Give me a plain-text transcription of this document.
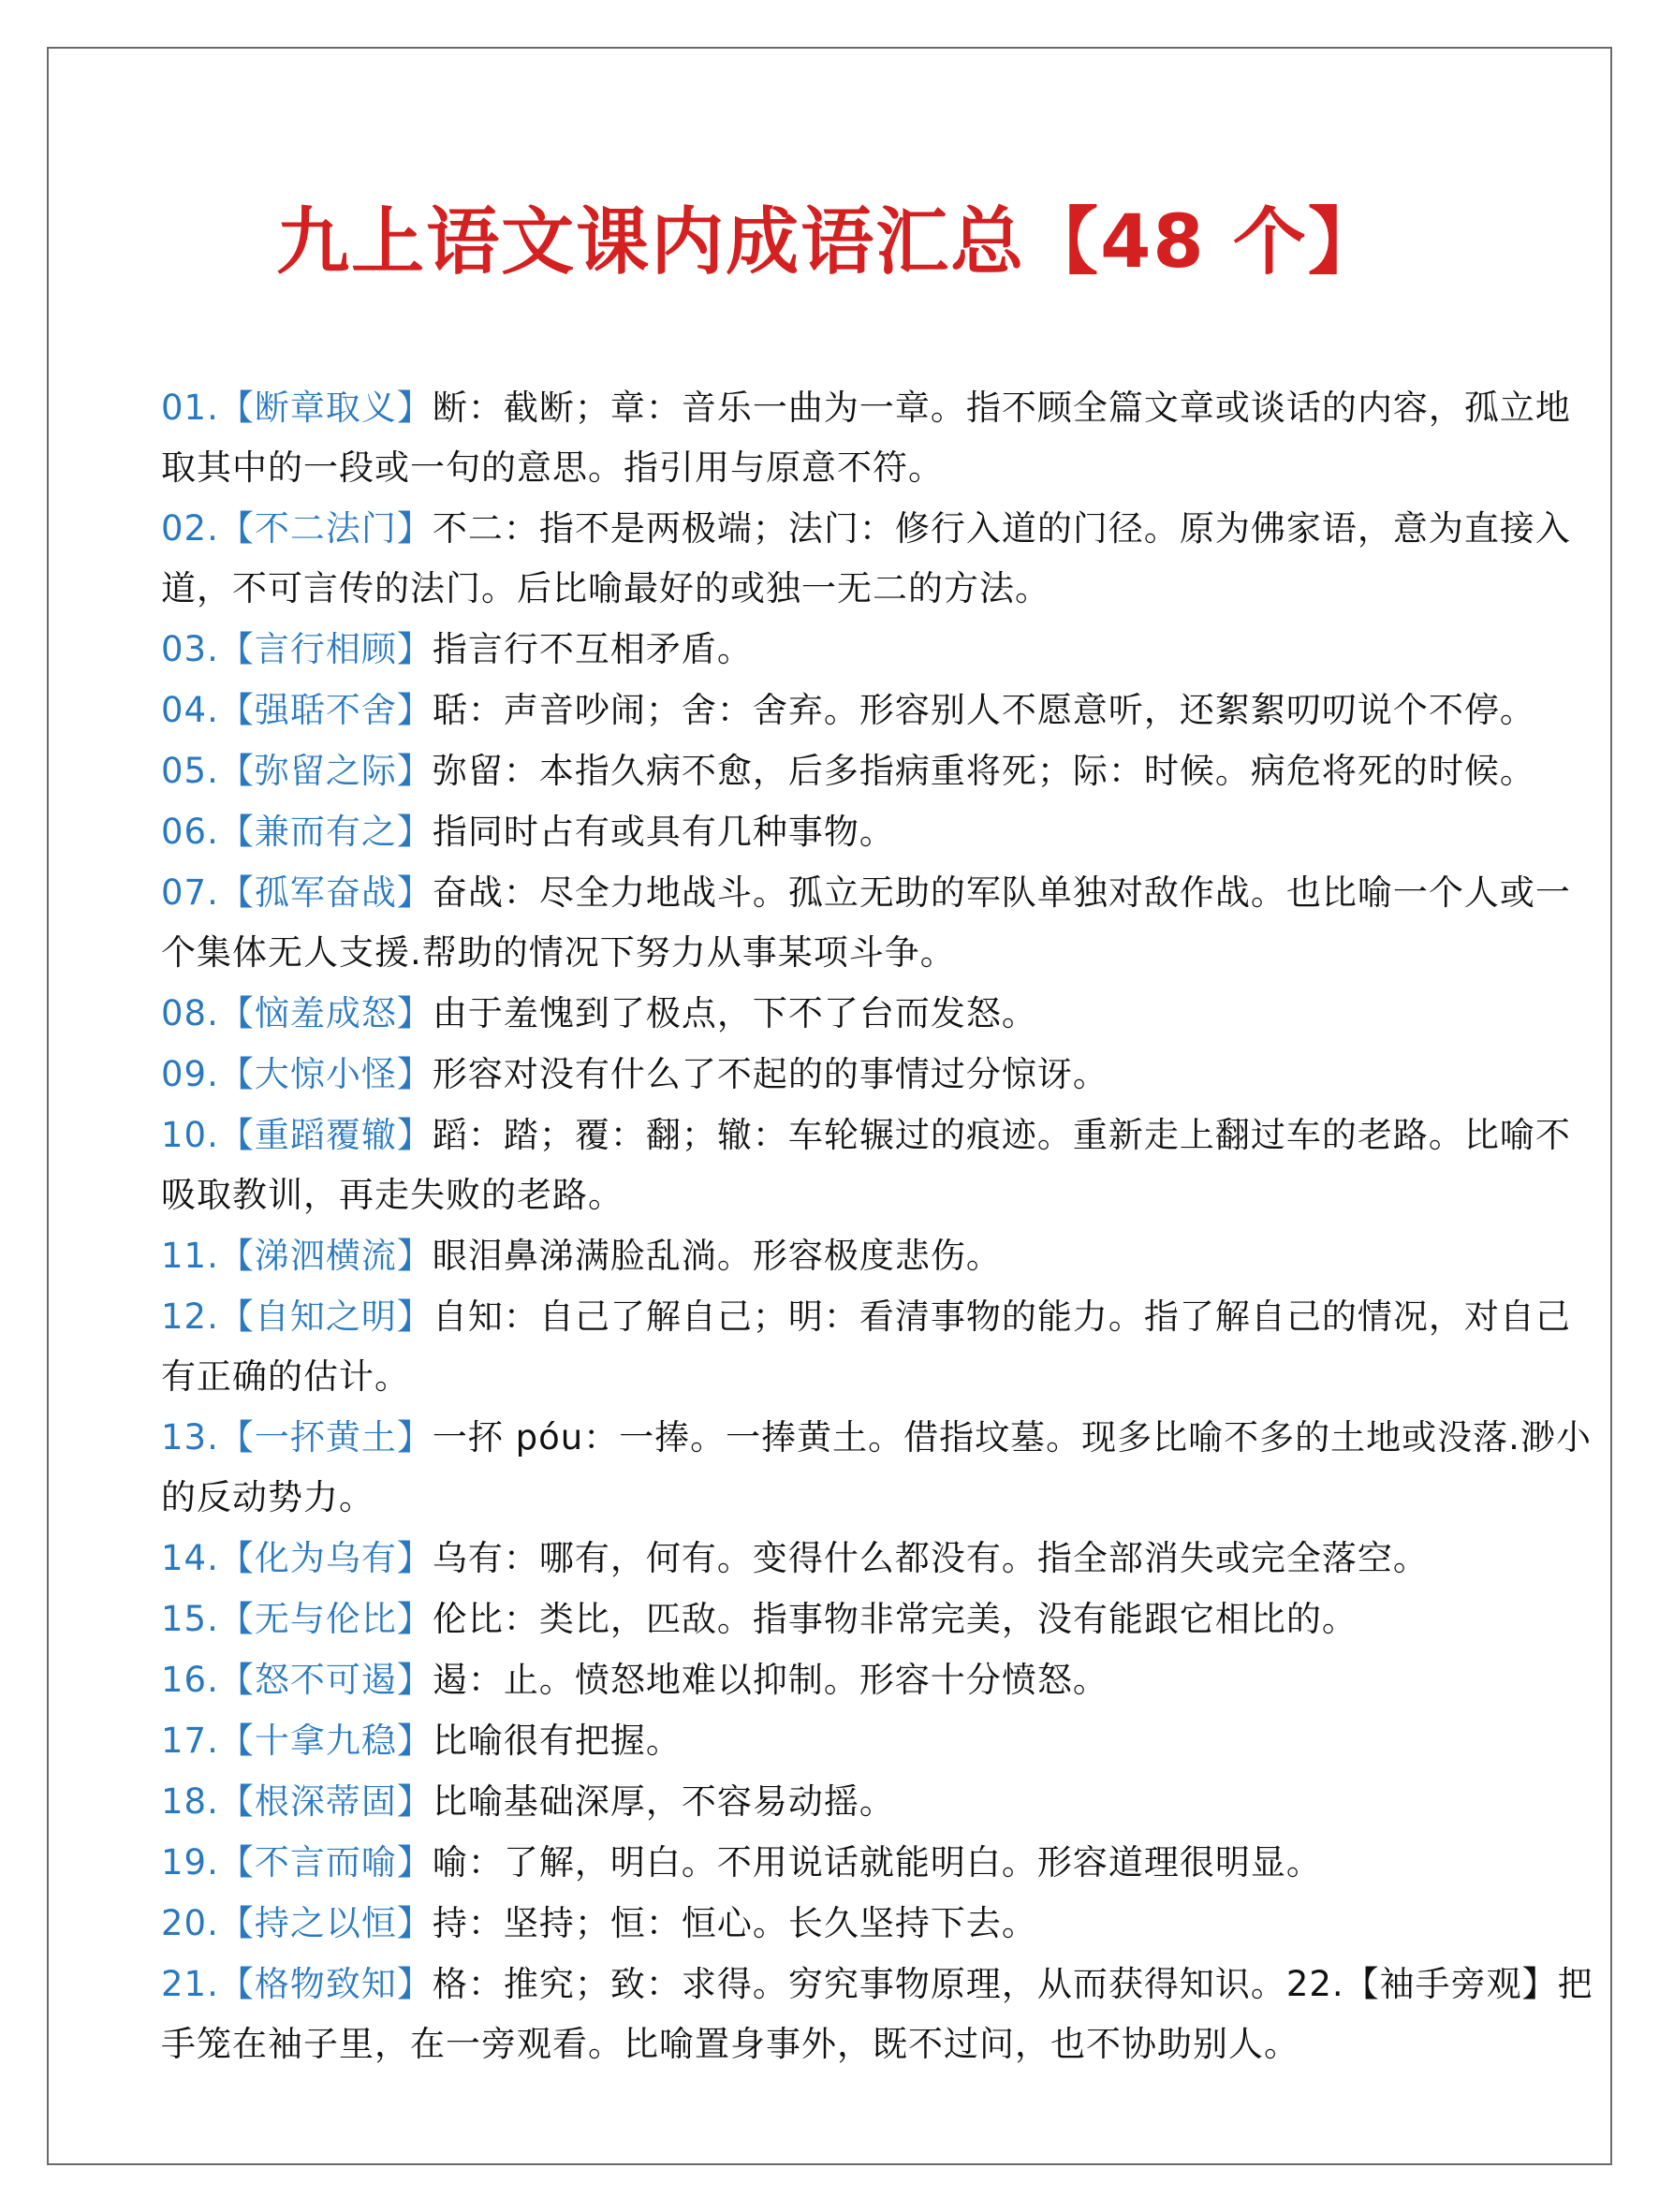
九上语文课内成语汇总【48 个】
01.【断章取义】断：截断；章：音乐一曲为一章。指不顾全篇文章或谈话的内容，孤立地取其中的一段或一句的意思。指引用与原意不符。
02.【不二法门】不二：指不是两极端；法门：修行入道的门径。原为佛家语，意为直接入道，不可言传的法门。后比喻最好的或独一无二的方法。
03.【言行相顾】指言行不互相矛盾。
04.【强聒不舍】聒：声音吵闹；舍：舍弃。形容别人不愿意听，还絮絮叨叨说个不停。
05.【弥留之际】弥留：本指久病不愈，后多指病重将死；际：时候。病危将死的时候。
06.【兼而有之】指同时占有或具有几种事物。
07.【孤军奋战】奋战：尽全力地战斗。孤立无助的军队单独对敌作战。也比喻一个人或一个集体无人支援.帮助的情况下努力从事某项斗争。
08.【恼羞成怒】由于羞愧到了极点，下不了台而发怒。
09.【大惊小怪】形容对没有什么了不起的的事情过分惊讶。
10.【重蹈覆辙】蹈：踏；覆：翻；辙：车轮辗过的痕迹。重新走上翻过车的老路。比喻不吸取教训，再走失败的老路。
11.【涕泗横流】眼泪鼻涕满脸乱淌。形容极度悲伤。
12.【自知之明】自知：自己了解自己；明：看清事物的能力。指了解自己的情况，对自己有正确的估计。
13.【一抔黄土】一抔 póu：一捧。一捧黄土。借指坟墓。现多比喻不多的土地或没落.渺小的反动势力。
14.【化为乌有】乌有：哪有，何有。变得什么都没有。指全部消失或完全落空。
15.【无与伦比】伦比：类比，匹敌。指事物非常完美，没有能跟它相比的。
16.【怒不可遏】遏：止。愤怒地难以抑制。形容十分愤怒。
17.【十拿九稳】比喻很有把握。
18.【根深蒂固】比喻基础深厚，不容易动摇。
19.【不言而喻】喻：了解，明白。不用说话就能明白。形容道理很明显。
20.【持之以恒】持：坚持；恒：恒心。长久坚持下去。
21.【格物致知】格：推究；致：求得。穷究事物原理，从而获得知识。22.【袖手旁观】把手笼在袖子里，在一旁观看。比喻置身事外，既不过问，也不协助别人。
